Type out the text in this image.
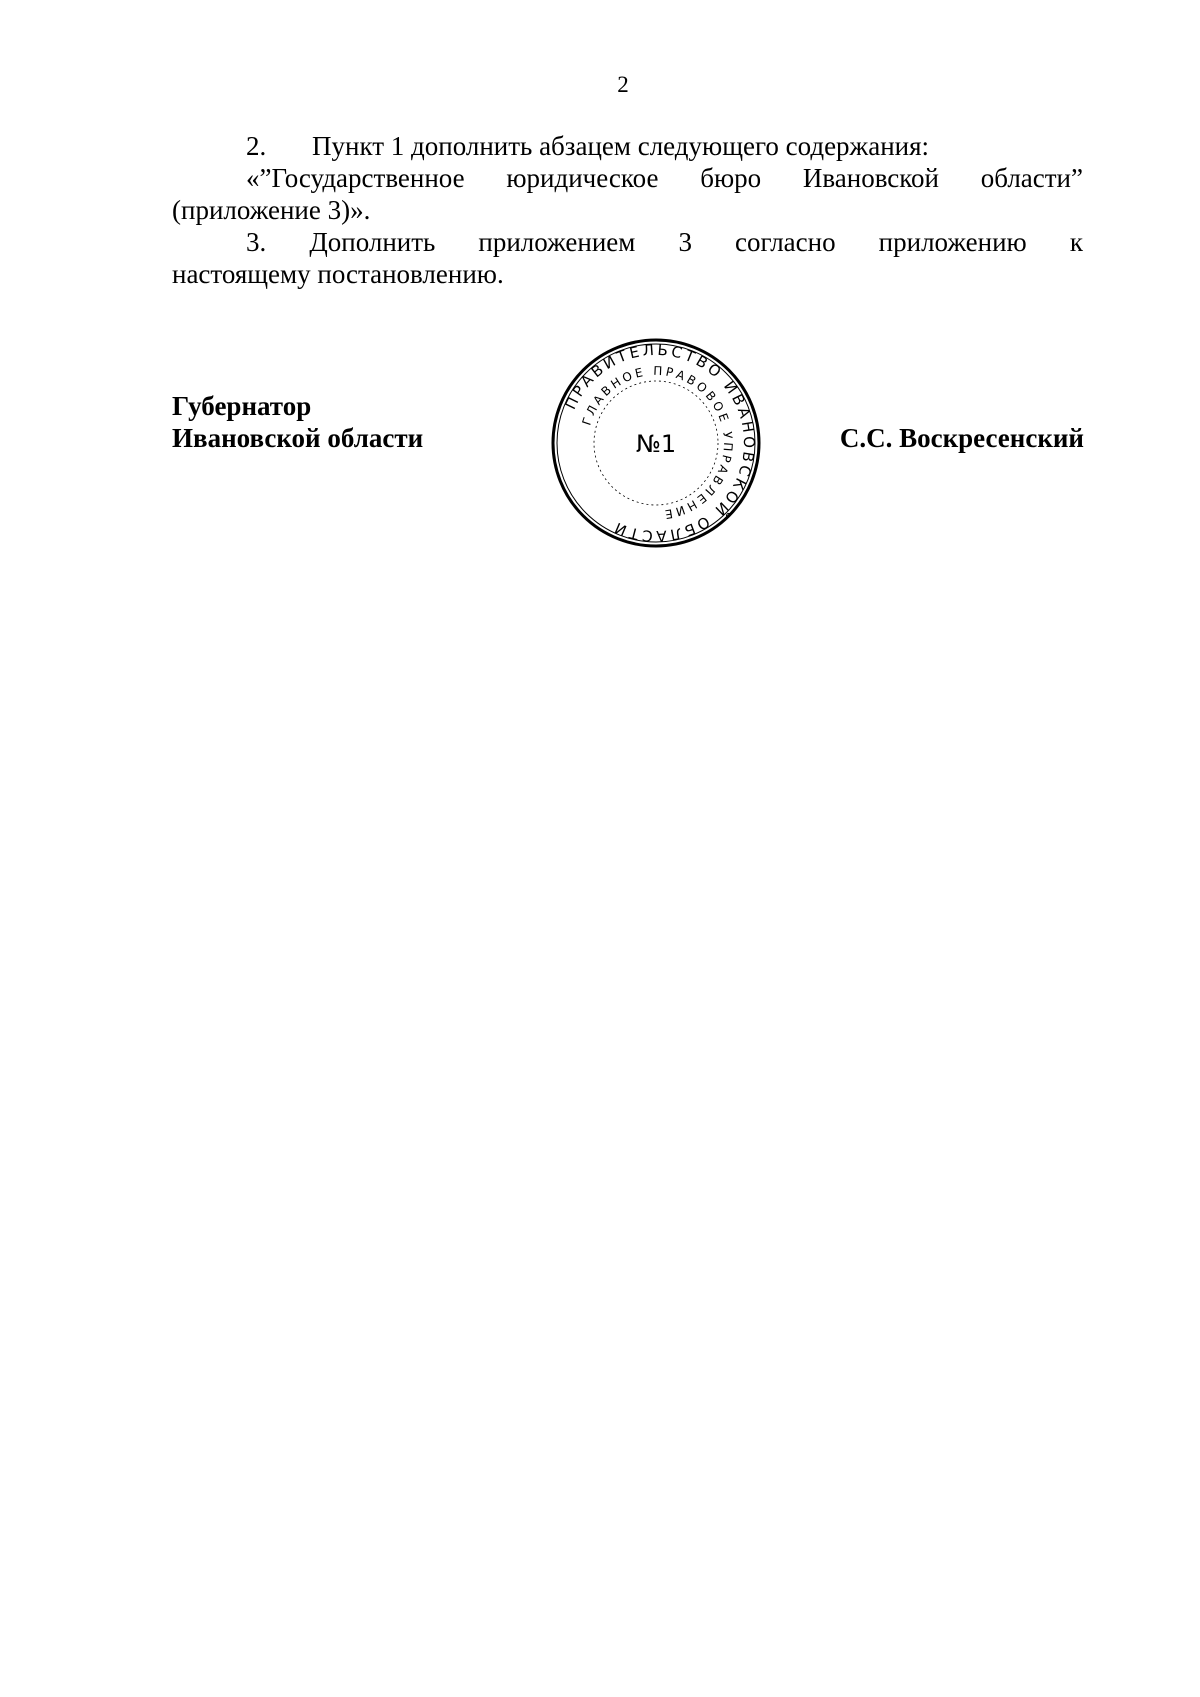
2
2. Пункт 1 дополнить абзацем следующего содержания:
«”Государственное юридическое бюро Ивановской области”
(приложение 3)».
3. Дополнить приложением 3 согласно приложению к
настоящему постановлению.
Губернатор
Ивановской области	С.С. Воскресенский
ПРАВИТЕЛЬСТВО ИВАНОВСКОЙ ОБЛАСТИ
ГЛАВНОЕ ПРАВОВОЕ УПРАВЛЕНИЕ
№1
